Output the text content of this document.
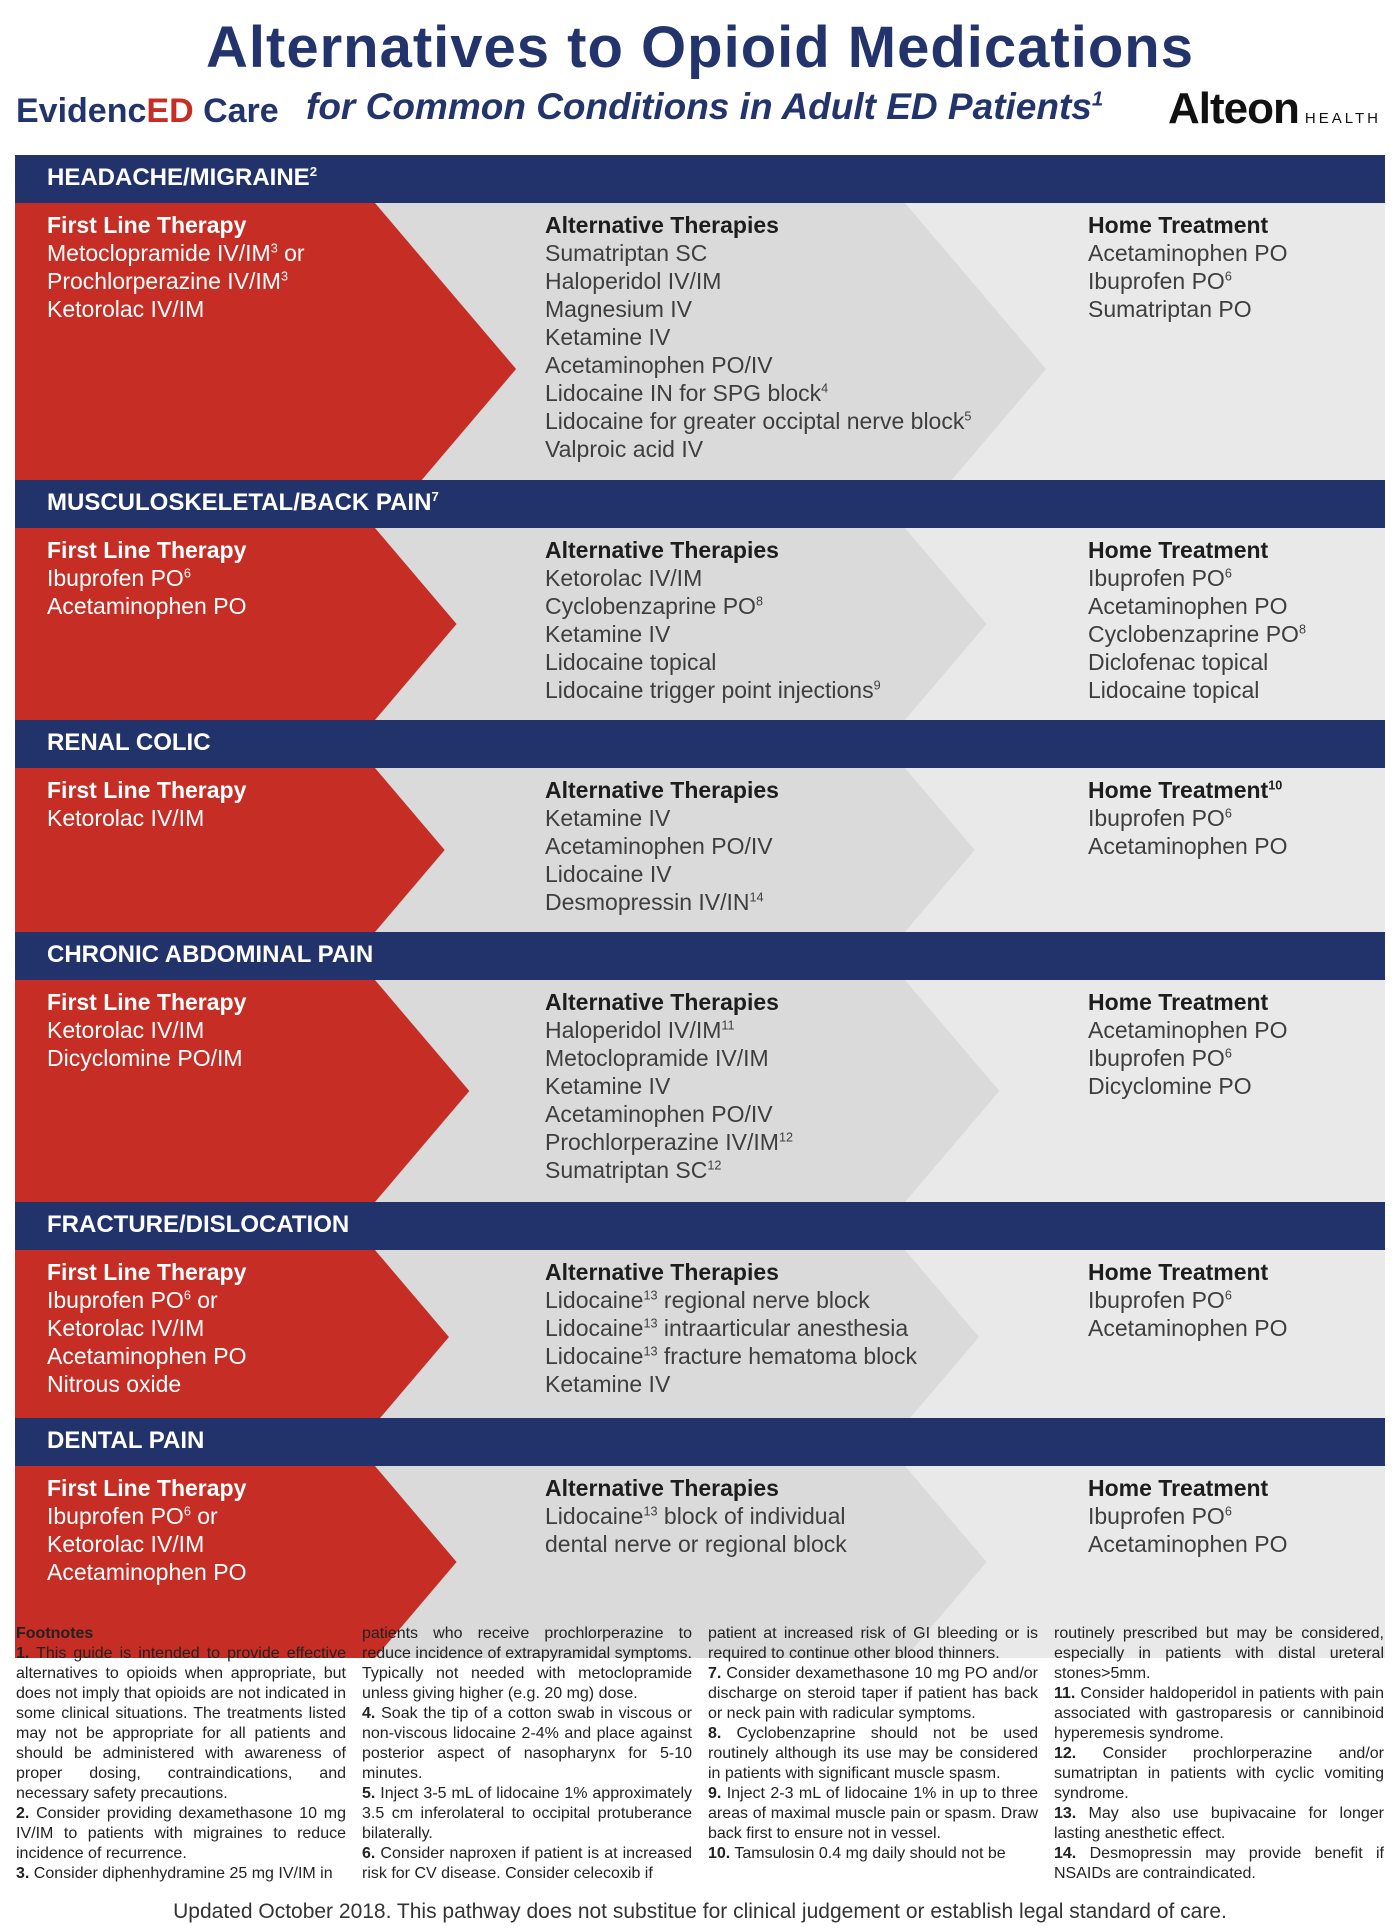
Alternatives to Opioid Medications
EvidencED Care for Common Conditions in Adult ED Patients$^1$ Alteon HEALTH
HEADACHE/MIGRAINE$^2$
First Line Therapy
Metoclopramide $IV/IM^3$ or
Prochlorperazine $IV/IM^3$
Ketorolac IV/IM
Alternative Therapies
Sumatriptan SC
Haloperidol IV/IM
Magnesium IV
Ketamine IV
Acetaminophen PO/IV
Lidocaine IN for SPG block$^4$
Lidocaine for greater occiptal nerve block$^5$
Valproic acid IV
Home Treatment
Acetaminophen PO
Ibuprofen $PO^6$
Sumatriptan PO
MUSCULOSKELETAL/BACK PAIN$^7$
First Line Therapy
Ibuprofen $PO^6$
Acetaminophen PO
Alternative Therapies
Ketorolac IV/IM
Cyclobenzaprine $PO^8$
Ketamine IV
Lidocaine topical
Lidocaine trigger point injections$^9$
Home Treatment
Ibuprofen $PO^6$
Acetaminophen PO
Cyclobenzaprine $PO^8$
Diclofenac topical
Lidocaine topical
RENAL COLIC
First Line Therapy
Ketorolac IV/IM
Alternative Therapies
Ketamine IV
Acetaminophen PO/IV
Lidocaine IV
Desmopressin IV/IN$^{14}$
Home Treatment$^{10}$
Ibuprofen $PO^6$
Acetaminophen PO
CHRONIC ABDOMINAL PAIN
First Line Therapy
Ketorolac IV/IM
Dicyclomine PO/IM
Alternative Therapies
Haloperidol IV/IM$^{11}$
Metoclopramide IV/IM
Ketamine IV
Acetaminophen PO/IV
Prochlorperazine IV/IM$^{12}$
Sumatriptan SC$^{12}$
Home Treatment
Acetaminophen PO
Ibuprofen $PO^6$
Dicyclomine PO
FRACTURE/DISLOCATION
First Line Therapy
Ibuprofen $PO^6$ or
Ketorolac IV/IM
Acetaminophen PO
Nitrous oxide
Alternative Therapies
Lidocaine$^{13}$ regional nerve block
Lidocaine$^{13}$ intraarticular anesthesia
Lidocaine$^{13}$ fracture hematoma block
Ketamine IV
Home Treatment
Ibuprofen $PO^6$
Acetaminophen PO
DENTAL PAIN
First Line Therapy
Ibuprofen $PO^6$ or
Ketorolac IV/IM
Acetaminophen PO
Alternative Therapies
Lidocaine$^{13}$ block of individual
dental nerve or regional block
Home Treatment
Ibuprofen $PO^6$
Acetaminophen PO
Footnotes
1. This guide is intended to provide effective alternatives to opioids when appropriate, but does not imply that opioids are not indicated in some clinical situations. The treatments listed may not be appropriate for all patients and should be administered with awareness of proper dosing, contraindications, and necessary safety precautions.
2. Consider providing dexamethasone 10 mg IV/IM to patients with migraines to reduce incidence of recurrence.
3. Consider diphenhydramine 25 mg IV/IM in
patients who receive prochlorperazine to reduce incidence of extrapyramidal symptoms. Typically not needed with metoclopramide unless giving higher (e.g. 20 mg) dose.
4. Soak the tip of a cotton swab in viscous or non-viscous lidocaine 2-4% and place against posterior aspect of nasopharynx for 5-10 minutes.
5. Inject 3-5 mL of lidocaine 1% approximately 3.5 cm inferolateral to occipital protuberance bilaterally.
6. Consider naproxen if patient is at increased risk for CV disease. Consider celecoxib if
patient at increased risk of GI bleeding or is required to continue other blood thinners.
7. Consider dexamethasone 10 mg PO and/or discharge on steroid taper if patient has back or neck pain with radicular symptoms.
8. Cyclobenzaprine should not be used routinely although its use may be considered in patients with significant muscle spasm.
9. Inject 2-3 mL of lidocaine 1% in up to three areas of maximal muscle pain or spasm. Draw back first to ensure not in vessel.
10. Tamsulosin 0.4 mg daily should not be
routinely prescribed but may be considered, especially in patients with distal ureteral stones>5mm.
11. Consider haldoperidol in patients with pain associated with gastroparesis or cannibinoid hyperemesis syndrome.
12. Consider prochlorperazine and/or sumatriptan in patients with cyclic vomiting syndrome.
13. May also use bupivacaine for longer lasting anesthetic effect.
14. Desmopressin may provide benefit if NSAIDs are contraindicated.
Updated October 2018. This pathway does not substitue for clinical judgement or establish legal standard of care.
